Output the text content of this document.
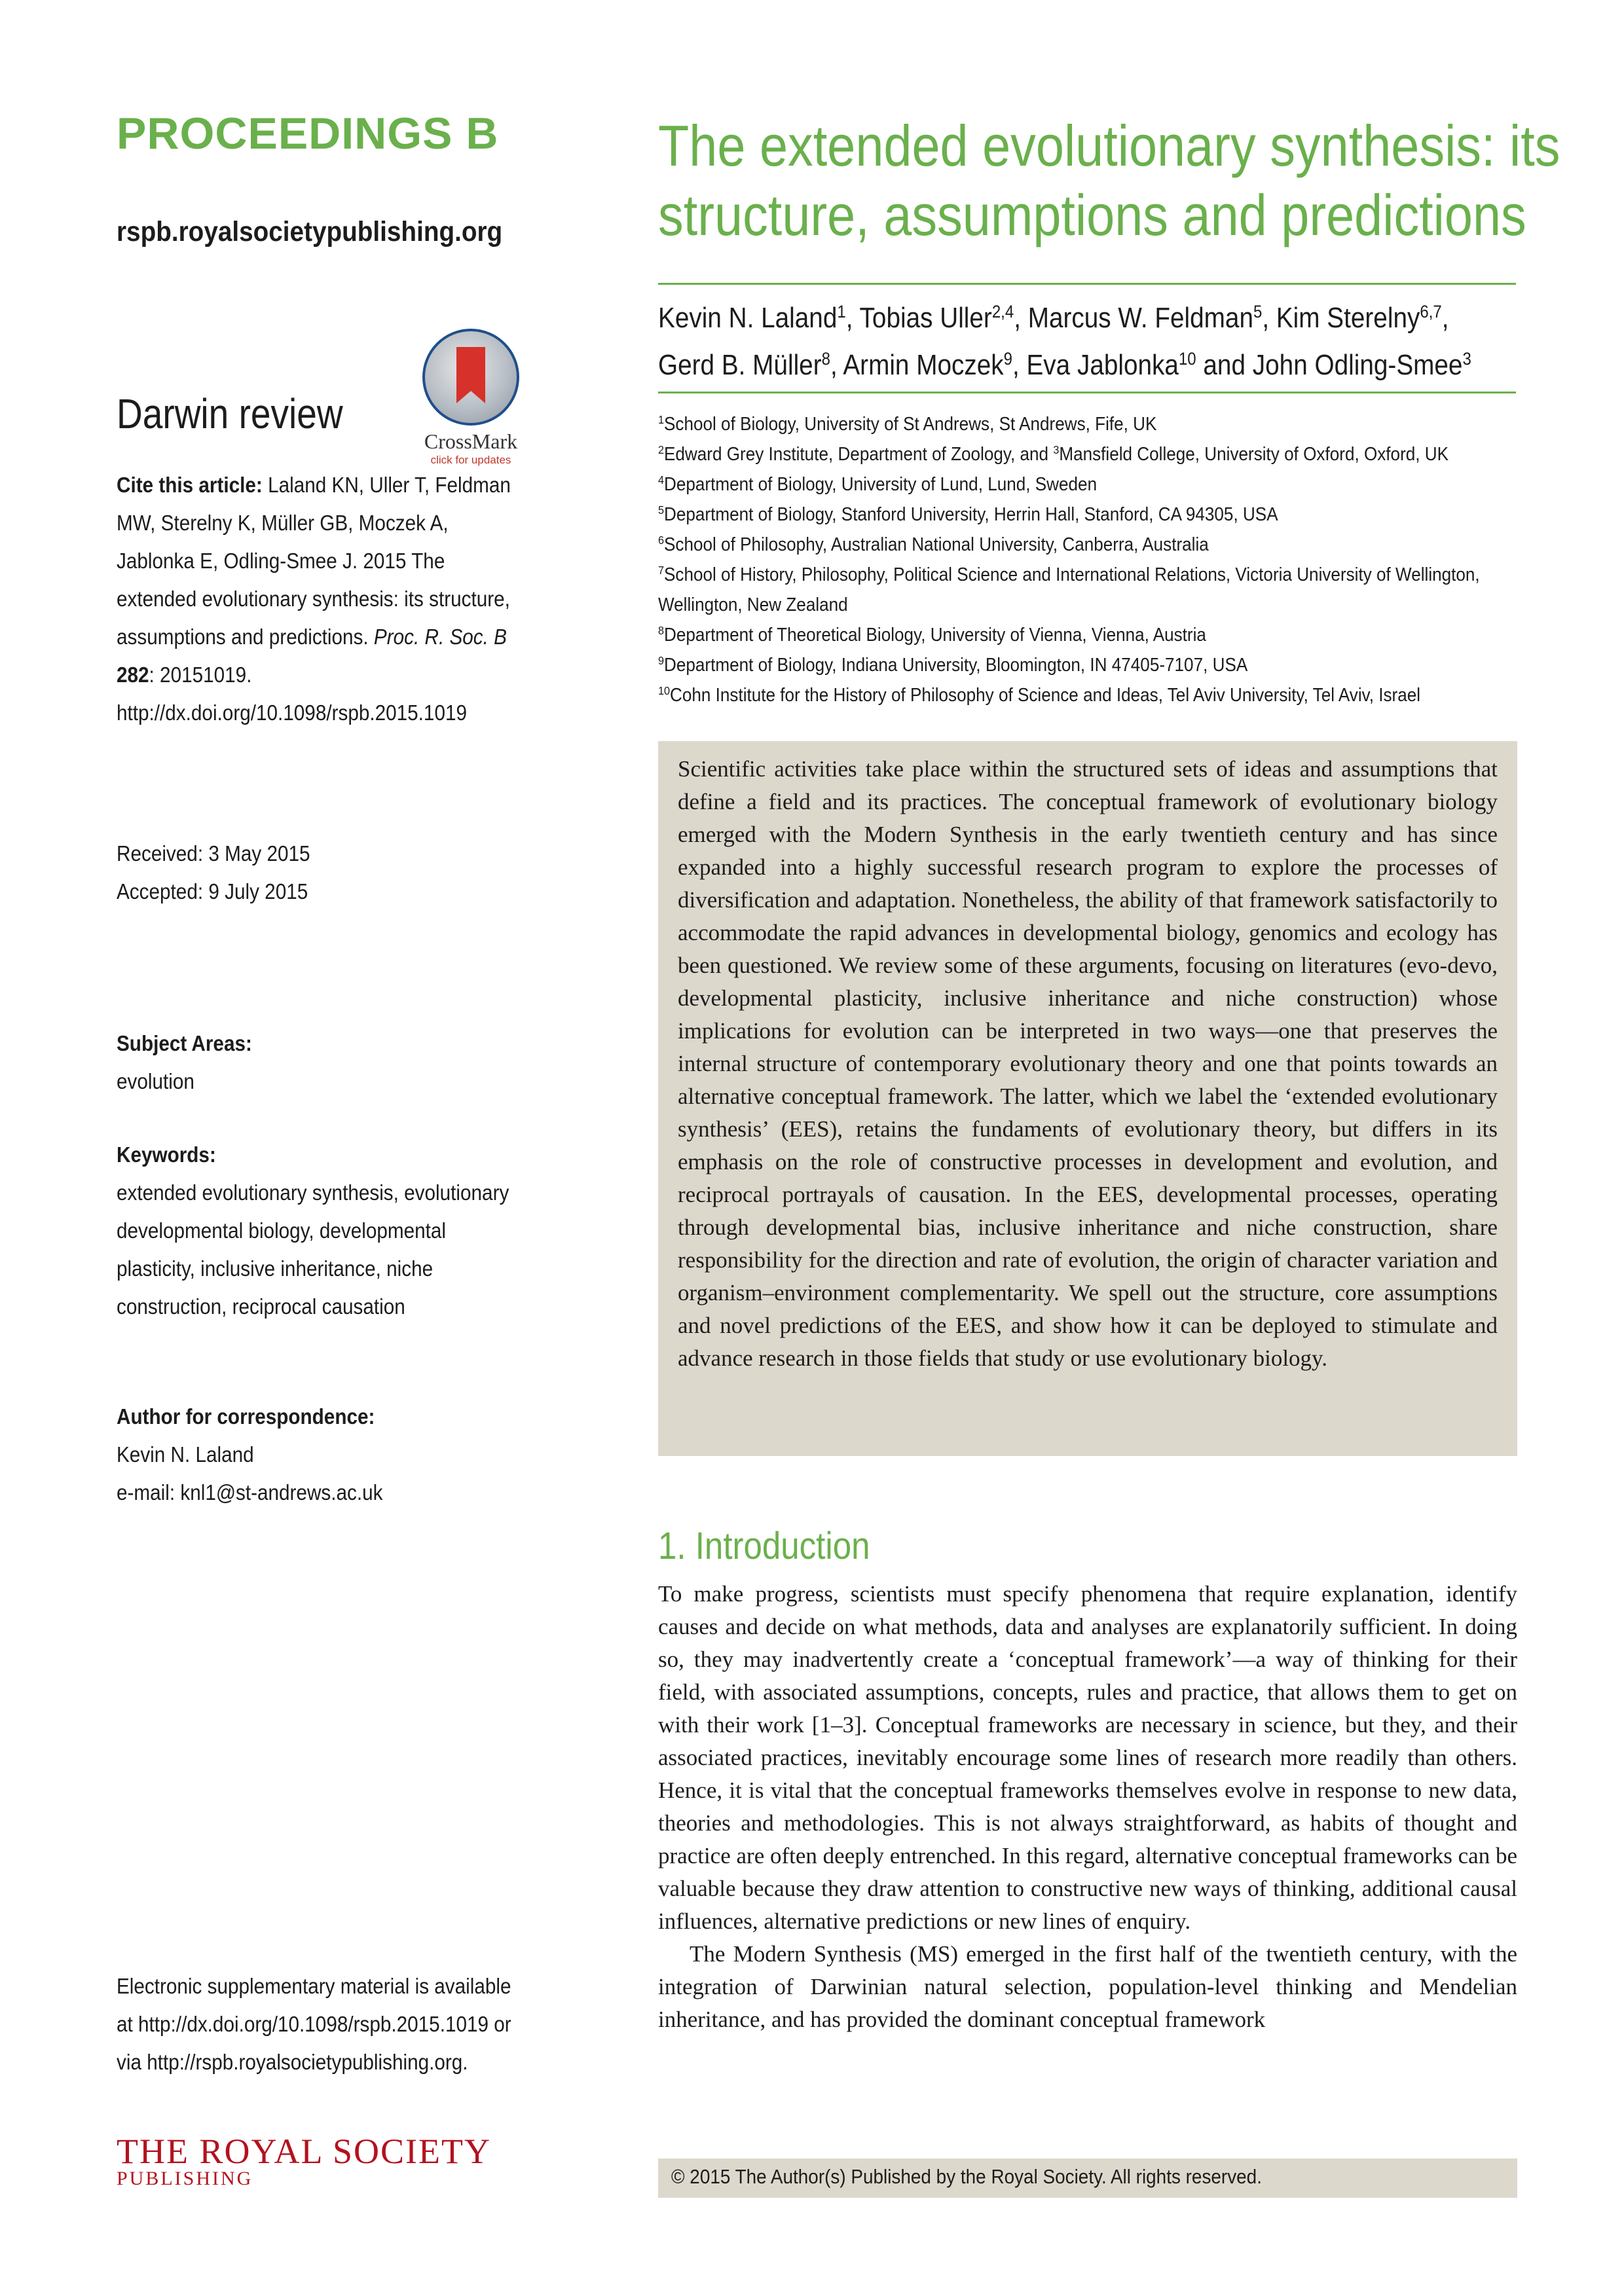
PROCEEDINGS B
rspb.royalsocietypublishing.org
Darwin review
CrossMark
click for updates
Cite this article: Laland KN, Uller T, Feldman MW, Sterelny K, Müller GB, Moczek A, Jablonka E, Odling-Smee J. 2015 The extended evolutionary synthesis: its structure, assumptions and predictions. Proc. R. Soc. B 282: 20151019.
http://dx.doi.org/10.1098/rspb.2015.1019
Received: 3 May 2015
Accepted: 9 July 2015
Subject Areas:
evolution
Keywords:
extended evolutionary synthesis, evolutionary developmental biology, developmental plasticity, inclusive inheritance, niche construction, reciprocal causation
Author for correspondence:
Kevin N. Laland
e-mail: knl1@st-andrews.ac.uk
Electronic supplementary material is available at http://dx.doi.org/10.1098/rspb.2015.1019 or via http://rspb.royalsocietypublishing.org.
THE ROYAL SOCIETY
PUBLISHING
The extended evolutionary synthesis: its
structure, assumptions and predictions

Kevin N. Laland$^1$, Tobias Uller$^{2,4}$, Marcus W. Feldman$^5$, Kim Sterelny$^{6,7}$,

Gerd B. Müller$^8$, Armin Moczek$^9$, Eva Jablonka$^{10}$ and John Odling-Smee$^3$

$^1$School of Biology, University of St Andrews, St Andrews, Fife, UK
$^2$Edward Grey Institute, Department of Zoology, and $^3$Mansfield College, University of Oxford, Oxford, UK
$^4$Department of Biology, University of Lund, Lund, Sweden
$^5$Department of Biology, Stanford University, Herrin Hall, Stanford, CA 94305, USA
$^6$School of Philosophy, Australian National University, Canberra, Australia
$^7$School of History, Philosophy, Political Science and International Relations, Victoria University of Wellington,
Wellington, New Zealand
$^8$Department of Theoretical Biology, University of Vienna, Vienna, Austria
$^9$Department of Biology, Indiana University, Bloomington, IN 47405-7107, USA
$^{10}$Cohn Institute for the History of Philosophy of Science and Ideas, Tel Aviv University, Tel Aviv, Israel
Scientific activities take place within the structured sets of ideas and assumptions that define a field and its practices. The conceptual framework of evolutionary biology emerged with the Modern Synthesis in the early twentieth century and has since expanded into a highly successful research program to explore the processes of diversification and adaptation. Nonetheless, the ability of that framework satisfactorily to accommodate the rapid advances in developmental biology, genomics and ecology has been questioned. We review some of these arguments, focusing on literatures (evo-devo, developmental plasticity, inclusive inheritance and niche construction) whose implications for evolution can be interpreted in two ways—one that preserves the internal structure of contemporary evolutionary theory and one that points towards an alternative conceptual framework. The latter, which we label the ‘extended evolutionary synthesis’ (EES), retains the fundaments of evolutionary theory, but differs in its emphasis on the role of constructive processes in development and evolution, and reciprocal portrayals of causation. In the EES, developmental processes, operating through developmental bias, inclusive inheritance and niche construction, share responsibility for the direction and rate of evolution, the origin of character variation and organism–environment complementarity. We spell out the structure, core assumptions and novel predictions of the EES, and show how it can be deployed to stimulate and advance research in those fields that study or use evolutionary biology.
1. Introduction

To make progress, scientists must specify phenomena that require explanation, identify causes and decide on what methods, data and analyses are explanatorily sufficient. In doing so, they may inadvertently create a ‘conceptual framework’—a way of thinking for their field, with associated assumptions, concepts, rules and practice, that allows them to get on with their work [1–3]. Conceptual frameworks are necessary in science, but they, and their associated practices, inevitably encourage some lines of research more readily than others. Hence, it is vital that the conceptual frameworks themselves evolve in response to new data, theories and methodologies. This is not always straightforward, as habits of thought and practice are often deeply entrenched. In this regard, alternative conceptual frameworks can be valuable because they draw attention to constructive new ways of thinking, additional causal influences, alternative predictions or new lines of enquiry.

The Modern Synthesis (MS) emerged in the first half of the twentieth century, with the integration of Darwinian natural selection, population-level thinking and Mendelian inheritance, and has provided the dominant conceptual framework

© 2015 The Author(s) Published by the Royal Society. All rights reserved.
